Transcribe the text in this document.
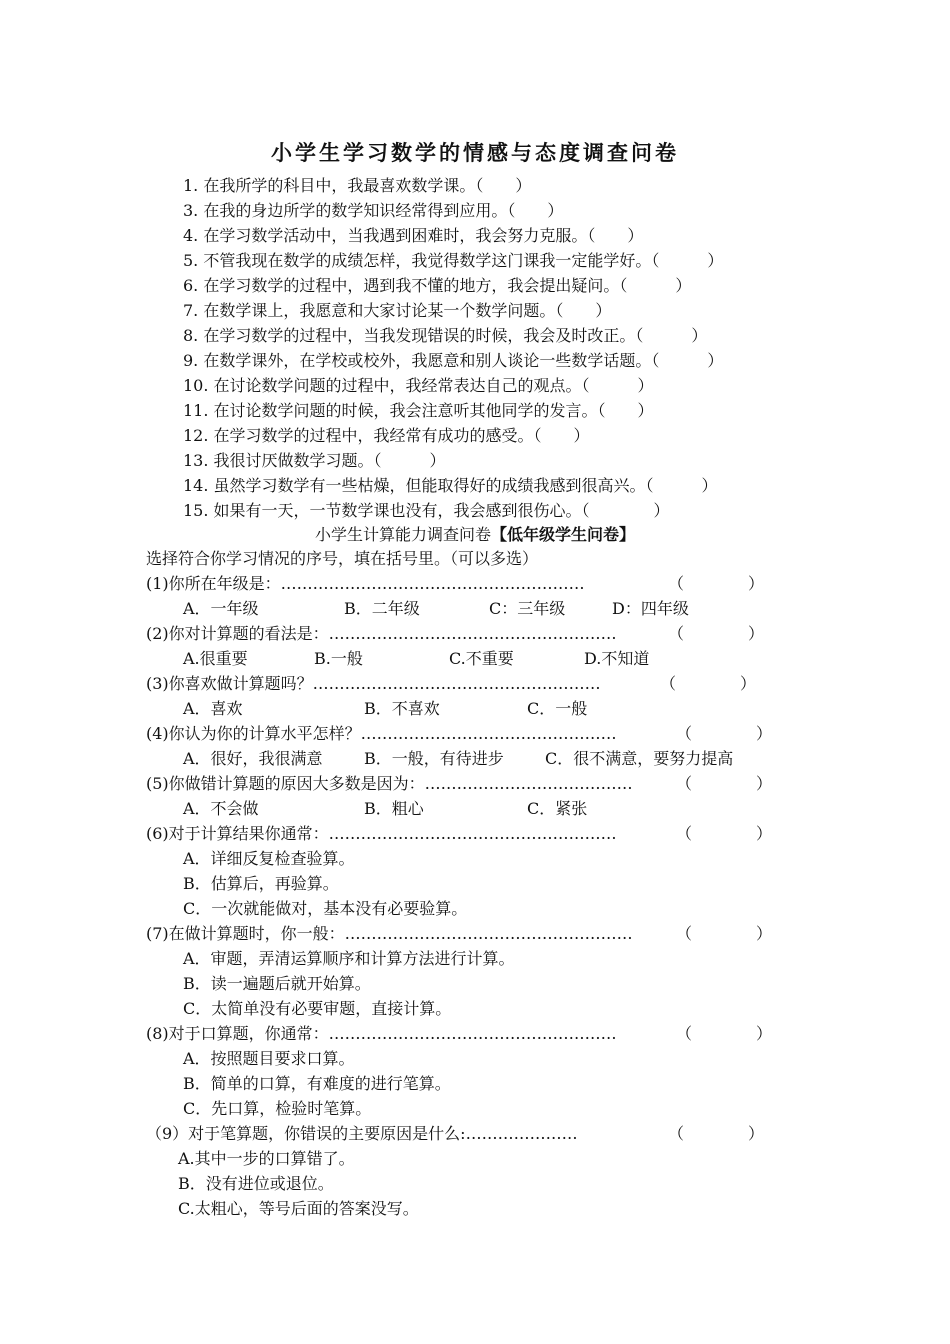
小学生学习数学的情感与态度调查问卷
1. 在我所学的科目中，我最喜欢数学课。（　　）
3. 在我的身边所学的数学知识经常得到应用。（　　）
4. 在学习数学活动中，当我遇到困难时，我会努力克服。（　　）
5. 不管我现在数学的成绩怎样，我觉得数学这门课我一定能学好。（　　　）
6. 在学习数学的过程中，遇到我不懂的地方，我会提出疑问。（　　　）
7. 在数学课上，我愿意和大家讨论某一个数学问题。（　　）
8. 在学习数学的过程中，当我发现错误的时候，我会及时改正。（　　　）
9. 在数学课外，在学校或校外，我愿意和别人谈论一些数学话题。（　　　）
10. 在讨论数学问题的过程中，我经常表达自己的观点。（　　　）
11. 在讨论数学问题的时候，我会注意听其他同学的发言。（　　）
12. 在学习数学的过程中，我经常有成功的感受。（　　）
13. 我很讨厌做数学习题。（　　　）
14. 虽然学习数学有一些枯燥，但能取得好的成绩我感到很高兴。（　　　）
15. 如果有一天，一节数学课也没有，我会感到很伤心。（　　　　）
小学生计算能力调查问卷【低年级学生问卷】
选择符合你学习情况的序号，填在括号里。（可以多选）
(1)你所在年级是：…………………………………………………	（　　　　）
A．一年级	B．二年级	C：三年级	D：四年级
(2)你对计算题的看法是：………………………………………………	（　　　　）
A.很重要	B.一般	C.不重要	D.不知道
(3)你喜欢做计算题吗？………………………………………………	（　　　　）
A．喜欢	B．不喜欢	C．一般
(4)你认为你的计算水平怎样？…………………………………………	（　　　　）
A．很好，我很满意	B．一般，有待进步	C．很不满意，要努力提高
(5)你做错计算题的原因大多数是因为：…………………………………	（　　　　）
A．不会做	B．粗心	C．紧张
(6)对于计算结果你通常：………………………………………………	（　　　　）
A．详细反复检查验算。
B．估算后，再验算。
C．一次就能做对，基本没有必要验算。
(7)在做计算题时，你一般：………………………………………………	（　　　　）
A．审题，弄清运算顺序和计算方法进行计算。
B．读一遍题后就开始算。
C．太简单没有必要审题，直接计算。
(8)对于口算题，你通常：………………………………………………	（　　　　）
A．按照题目要求口算。
B．简单的口算，有难度的进行笔算。
C．先口算，检验时笔算。
（9）对于笔算题，你错误的主要原因是什么:…………………	（　　　　）
A.其中一步的口算错了。
B．没有进位或退位。
C.太粗心，等号后面的答案没写。
